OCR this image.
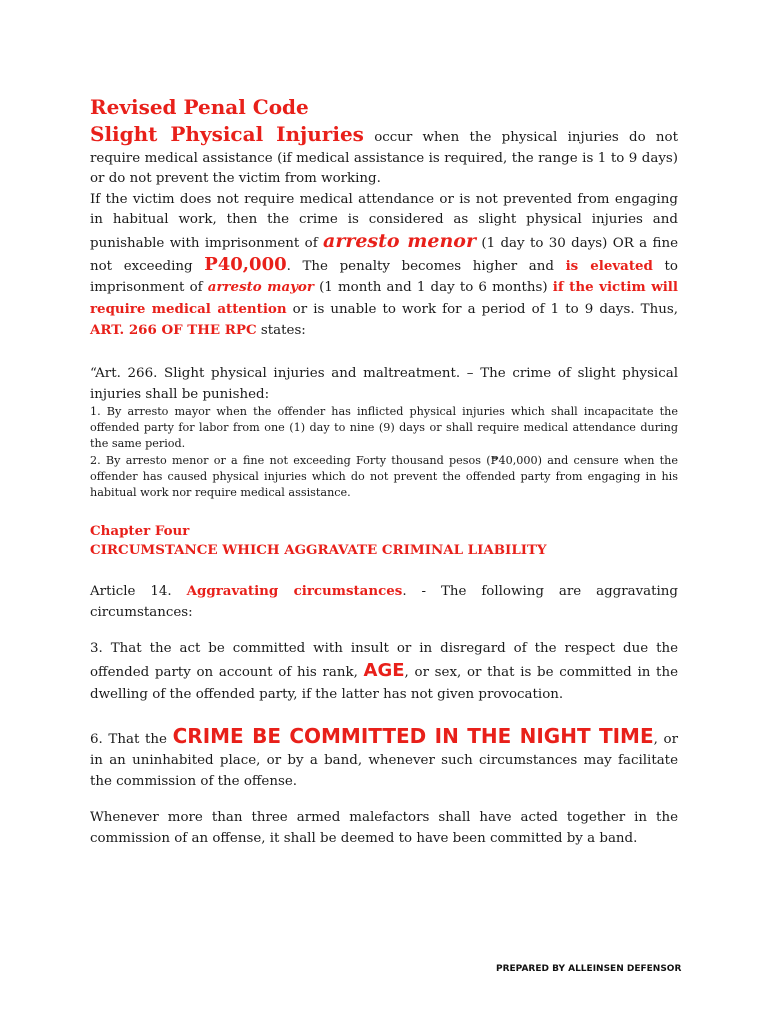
Revised Penal Code
Slight Physical Injuries occur when the physical injuries do not require medical assistance (if medical assistance is required, the range is 1 to 9 days) or do not prevent the victim from working.
If the victim does not require medical attendance or is not prevented from engaging in habitual work, then the crime is considered as slight physical injuries and punishable with imprisonment of arresto menor (1 day to 30 days) OR a fine not exceeding P40,000. The penalty becomes higher and is elevated to imprisonment of arresto mayor (1 month and 1 day to 6 months) if the victim will require medical attention or is unable to work for a period of 1 to 9 days. Thus, ART. 266 OF THE RPC states:
“Art. 266. Slight physical injuries and maltreatment. – The crime of slight physical injuries shall be punished:
1. By arresto mayor when the offender has inflicted physical injuries which shall incapacitate the offended party for labor from one (1) day to nine (9) days or shall require medical attendance during the same period.
2. By arresto menor or a fine not exceeding Forty thousand pesos (₱40,000) and censure when the offender has caused physical injuries which do not prevent the offended party from engaging in his habitual work nor require medical assistance.
Chapter Four
CIRCUMSTANCE WHICH AGGRAVATE CRIMINAL LIABILITY
Article 14. Aggravating circumstances. - The following are aggravating circumstances:
3. That the act be committed with insult or in disregard of the respect due the offended party on account of his rank, AGE, or sex, or that is be committed in the dwelling of the offended party, if the latter has not given provocation.
6. That the CRIME BE COMMITTED IN THE NIGHT TIME, or in an uninhabited place, or by a band, whenever such circumstances may facilitate the commission of the offense.
Whenever more than three armed malefactors shall have acted together in the commission of an offense, it shall be deemed to have been committed by a band.
PREPARED BY ALLEINSEN DEFENSOR
